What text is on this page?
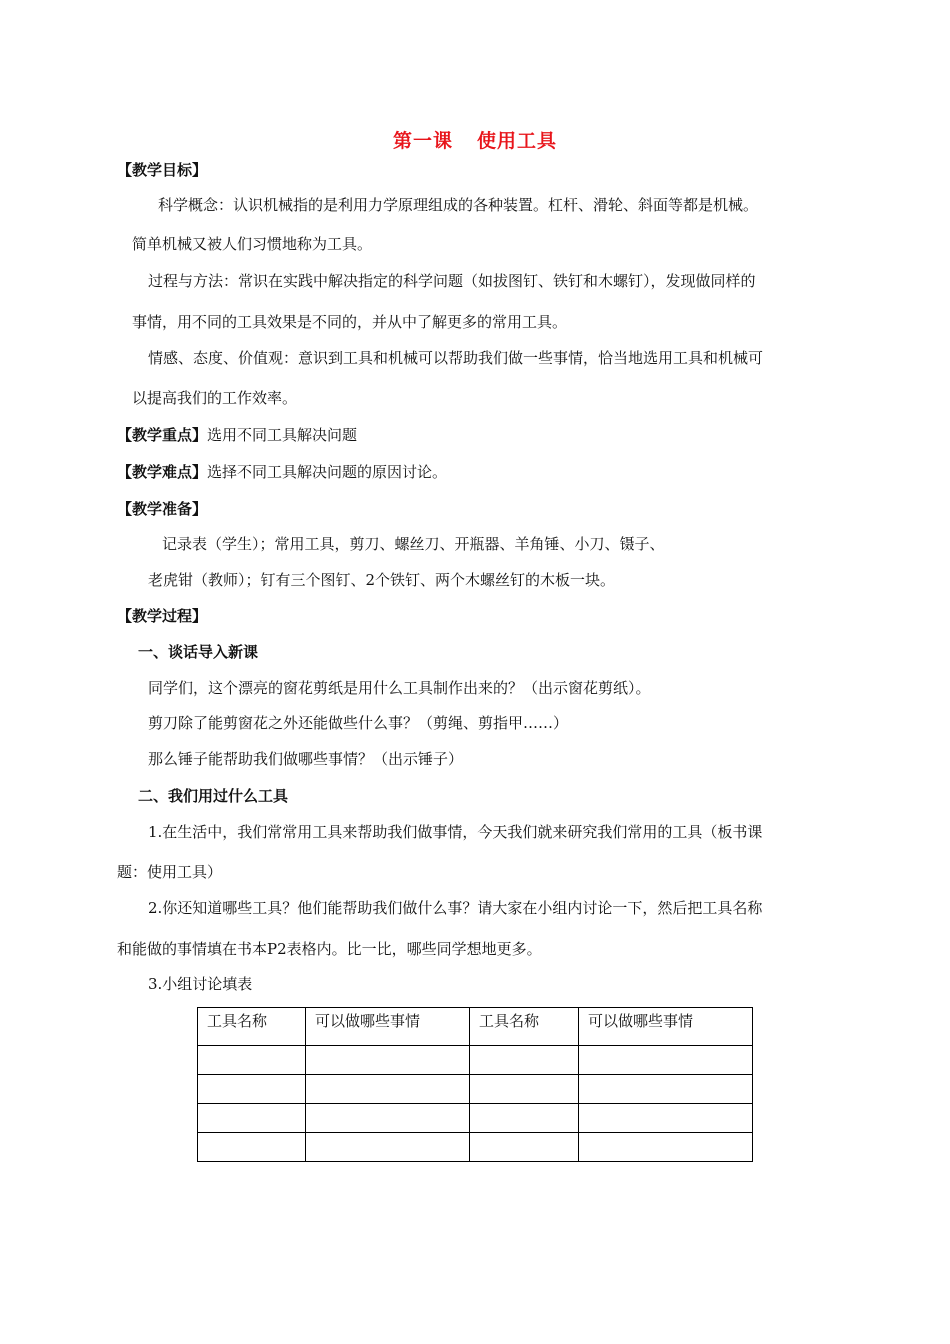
第一课 使用工具
【教学目标】
科学概念：认识机械指的是利用力学原理组成的各种装置。杠杆、滑轮、斜面等都是机械。
简单机械又被人们习惯地称为工具。
过程与方法：常识在实践中解决指定的科学问题（如拔图钉、铁钉和木螺钉），发现做同样的
事情，用不同的工具效果是不同的，并从中了解更多的常用工具。
情感、态度、价值观：意识到工具和机械可以帮助我们做一些事情，恰当地选用工具和机械可
以提高我们的工作效率。
【教学重点】选用不同工具解决问题
【教学难点】选择不同工具解决问题的原因讨论。
【教学准备】
记录表（学生）；常用工具，剪刀、螺丝刀、开瓶器、羊角锤、小刀、镊子、
老虎钳（教师）；钉有三个图钉、2个铁钉、两个木螺丝钉的木板一块。
【教学过程】
一、谈话导入新课
同学们，这个漂亮的窗花剪纸是用什么工具制作出来的？（出示窗花剪纸）。
剪刀除了能剪窗花之外还能做些什么事？（剪绳、剪指甲……）
那么锤子能帮助我们做哪些事情？（出示锤子）
二、我们用过什么工具
1.在生活中，我们常常用工具来帮助我们做事情，今天我们就来研究我们常用的工具（板书课
题：使用工具）
2.你还知道哪些工具？他们能帮助我们做什么事？请大家在小组内讨论一下，然后把工具名称
和能做的事情填在书本P2表格内。比一比，哪些同学想地更多。
3.小组讨论填表
工具名称	可以做哪些事情	工具名称	可以做哪些事情
